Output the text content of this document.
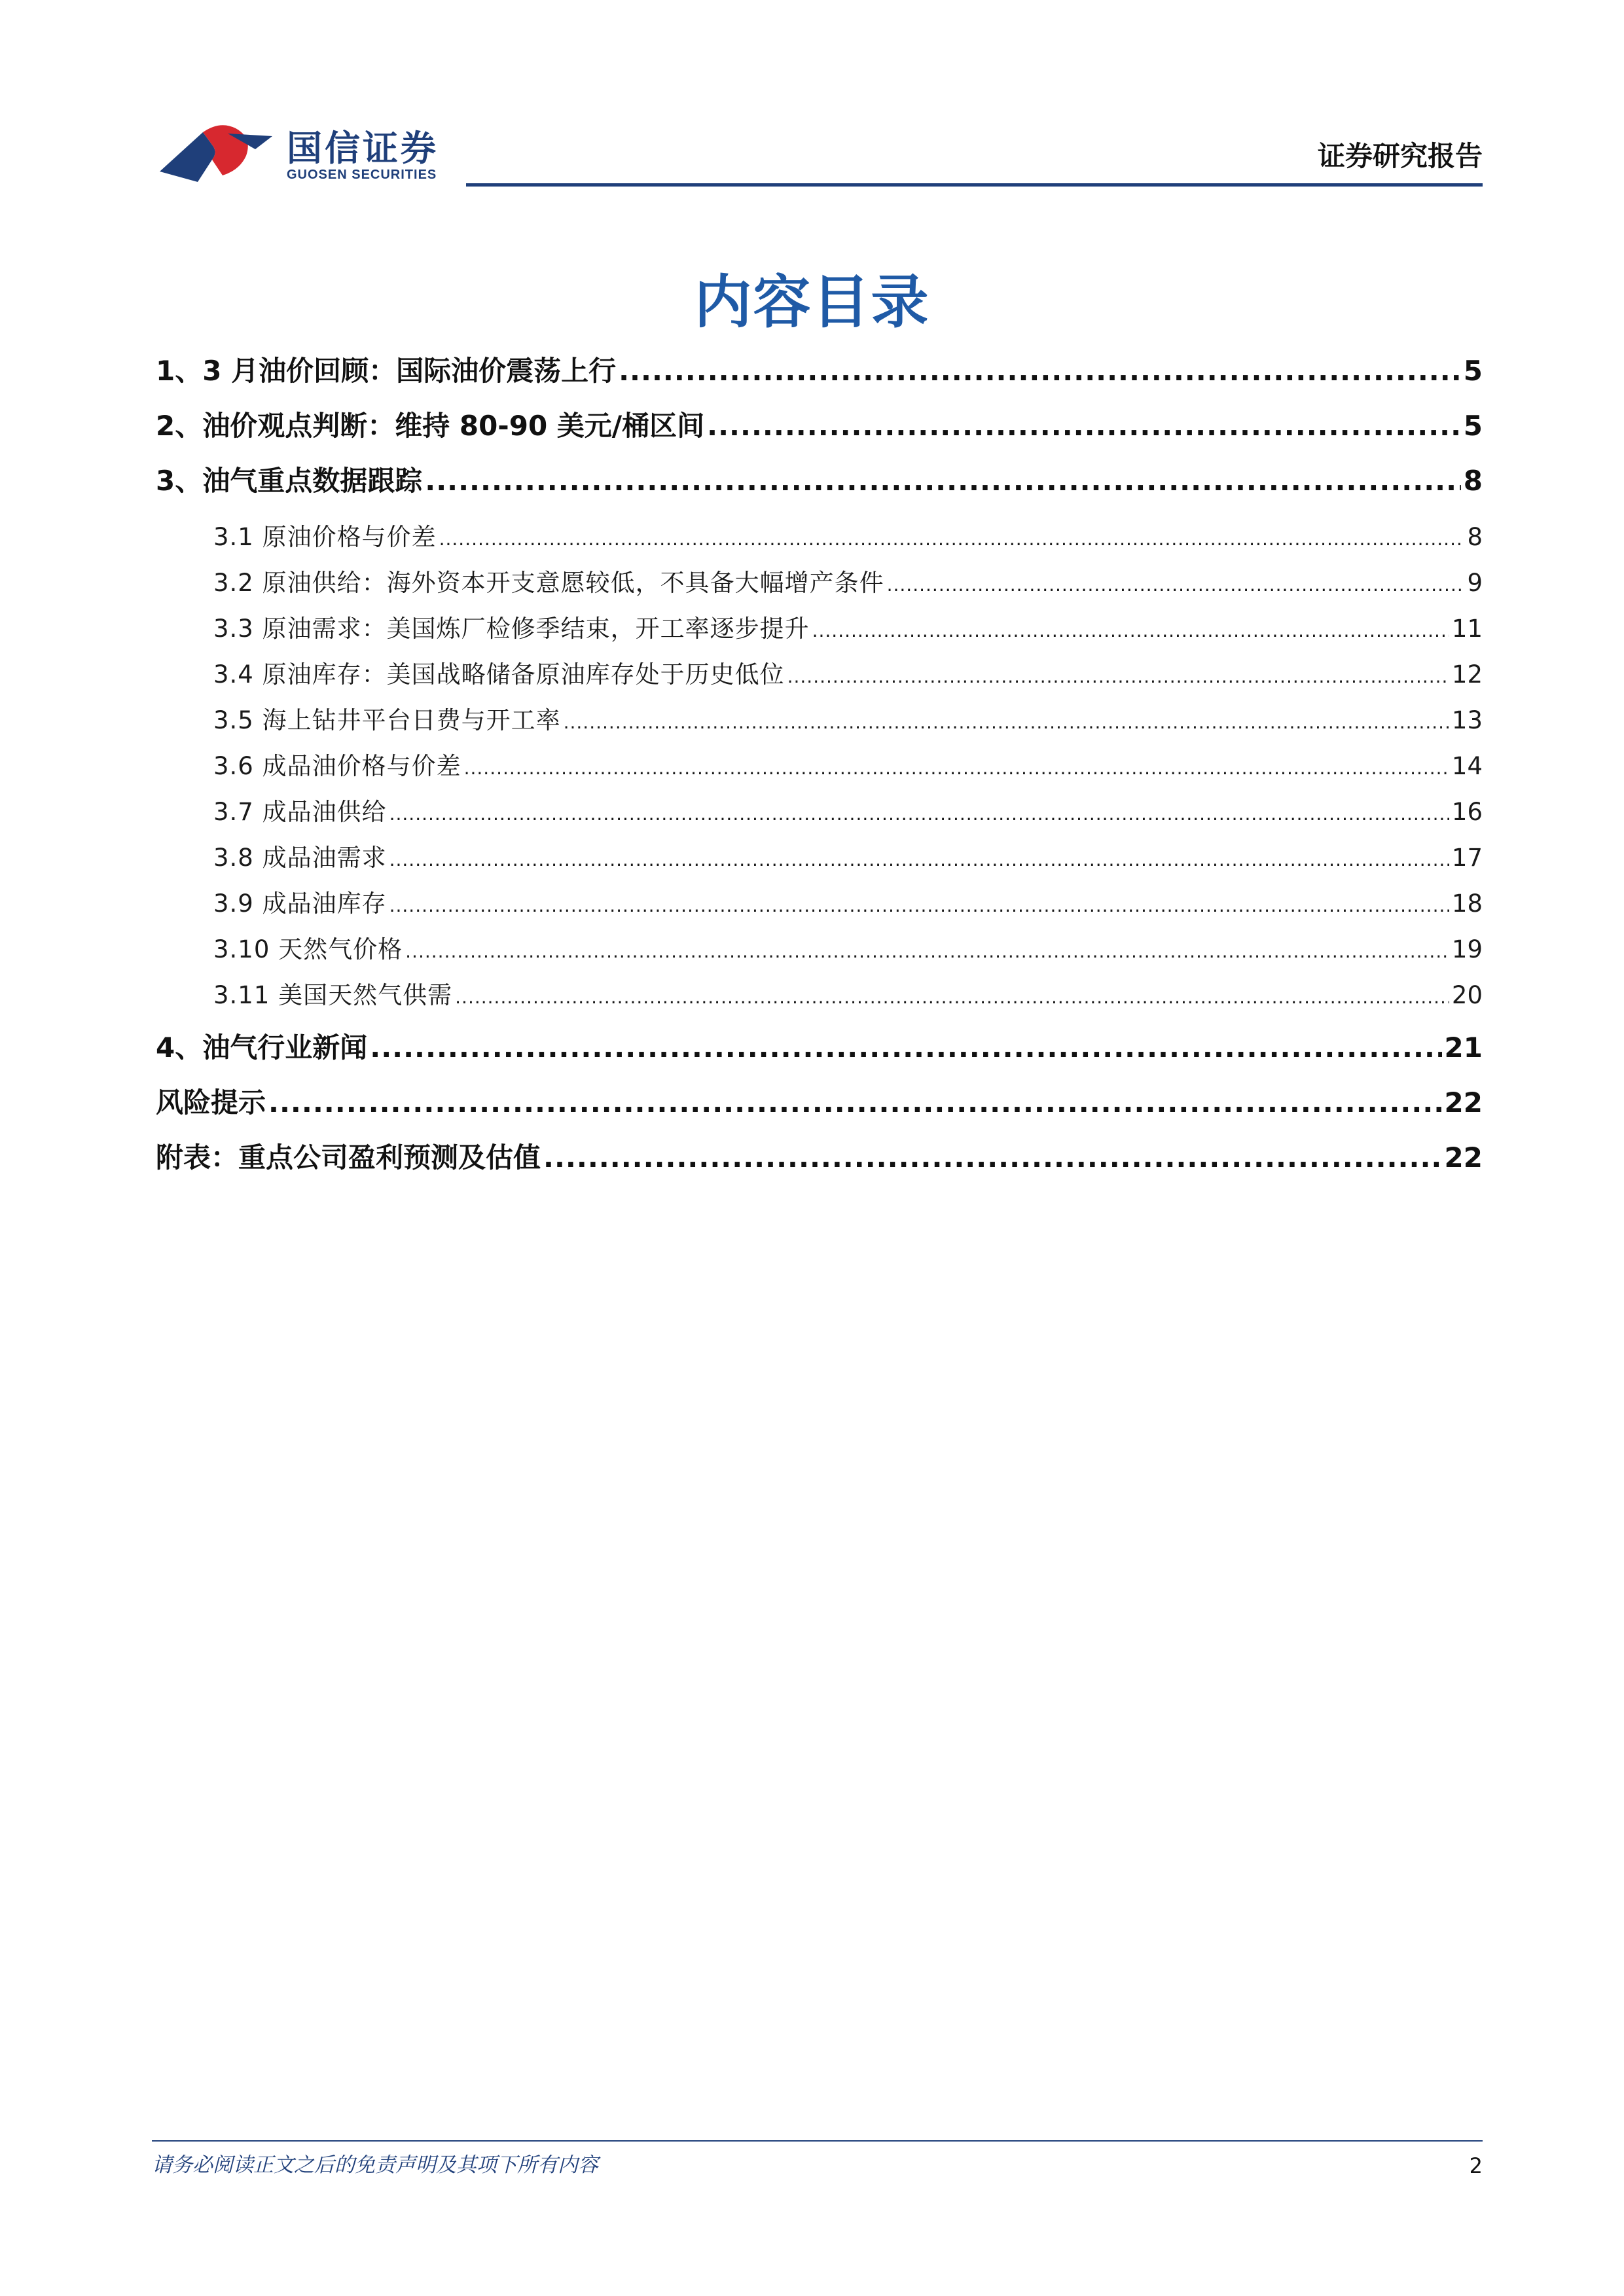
国信证券
GUOSEN SECURITIES
证券研究报告
内容目录
1、3 月油价回顾：国际油价震荡上行 .....	5
2、油价观点判断：维持 80-90 美元/桶区间 .....	5
3、油气重点数据跟踪 .....	8
3.1 原油价格与价差 .....	8
3.2 原油供给：海外资本开支意愿较低，不具备大幅增产条件 .....	9
3.3 原油需求：美国炼厂检修季结束，开工率逐步提升 .....	11
3.4 原油库存：美国战略储备原油库存处于历史低位 .....	12
3.5 海上钻井平台日费与开工率 .....	13
3.6 成品油价格与价差 .....	14
3.7 成品油供给 .....	16
3.8 成品油需求 .....	17
3.9 成品油库存 .....	18
3.10 天然气价格 .....	19
3.11 美国天然气供需 .....	20
4、油气行业新闻 .....	21
风险提示 .....	22
附表：重点公司盈利预测及估值 .....	22
请务必阅读正文之后的免责声明及其项下所有内容	2
